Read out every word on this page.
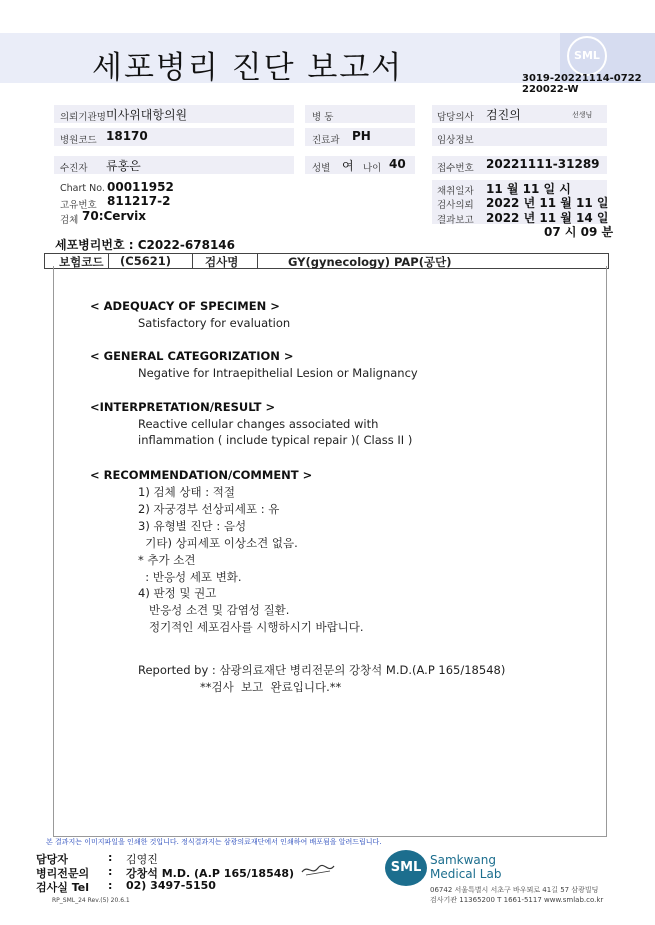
SML
세포병리 진단 보고서	3019-20221114-0722
220022-W
의뢰기관명 미사위대항의원	병 동	담당의사 검진의	선생님
병원코드 18170	진료과 PH	임상정보
수진자 류홍은	성별 여 나이 40	접수번호 20221111-31289
Chart No. 00011952
고유번호 811217-2
검체 70:Cervix
채취일자 11 월 11 일 시
검사의뢰 2022 년 11 월 11 일
결과보고 2022 년 11 월 14 일
07 시 09 분
세포병리번호 : C2022-678146
보험코드 (C5621)	검사명	GY(gynecology) PAP(공단)
< ADEQUACY OF SPECIMEN >
Satisfactory for evaluation
< GENERAL CATEGORIZATION >
Negative for Intraepithelial Lesion or Malignancy
<INTERPRETATION/RESULT >
Reactive cellular changes associated with
inflammation ( include typical repair )( Class II )
< RECOMMENDATION/COMMENT >
1) 검체 상태 : 적절
2) 자궁경부 선상피세포 : 유
3) 유형별 진단 : 음성
기타) 상피세포 이상소견 없음.
* 추가 소견
: 반응성 세포 변화.
4) 판정 및 권고
반응성 소견 및 감염성 질환.
정기적인 세포검사를 시행하시기 바랍니다.
Reported by : 삼광의료재단 병리전문의 강창석 M.D.(A.P 165/18548)
**검사  보고  완료입니다.**
본 결과지는 이미지파일을 인쇄한 것입니다. 정식결과지는 삼광의료재단에서 인쇄하여 배포됨을 알려드립니다.
담당자	: 김영진
병리전문의 : 강창석 M.D. (A.P 165/18548)
검사실 Tel : 02) 3497-5150
RP_SML_24 Rev.(5) 20.6.1
SML Samkwang
Medical Lab
06742 서울특별시 서초구 바우뫼로 41길 57 삼광빌딩
검사기관 11365200 T 1661-5117 www.smlab.co.kr
